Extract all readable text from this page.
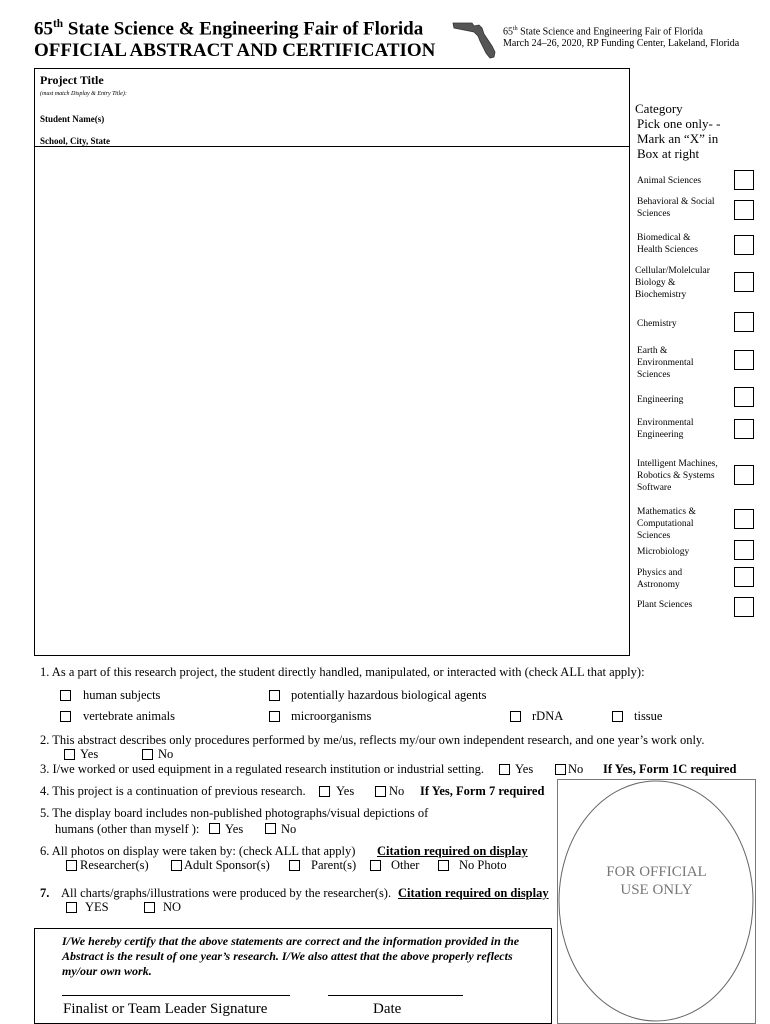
65th State Science & Engineering Fair of Florida
OFFICIAL ABSTRACT AND CERTIFICATION
65th State Science and Engineering Fair of Florida
March 24–26, 2020, RP Funding Center, Lakeland, Florida
Project Title
(must match Display & Entry Title):
Student Name(s)
School, City, State
Category
Pick one only- -
Mark an “X” in
Box at right
Animal Sciences
Behavioral & Social Sciences
Biomedical & Health Sciences
Cellular/Molelcular Biology & Biochemistry
Chemistry
Earth & Environmental Sciences
Engineering
Environmental Engineering
Intelligent Machines, Robotics & Systems Software
Mathematics & Computational Sciences
Microbiology
Physics and Astronomy
Plant Sciences
1. As a part of this research project, the student directly handled, manipulated, or interacted with (check ALL that apply):
human subjects	potentially hazardous biological agents
vertebrate animals	microorganisms	rDNA	tissue
2. This abstract describes only procedures performed by me/us, reflects my/our own independent research, and one year’s work only.
Yes	No
3. I/we worked or used equipment in a regulated research institution or industrial setting. Yes	No If Yes, Form 1C required
4. This project is a continuation of previous research. Yes	No If Yes, Form 7 required
5. The display board includes non-published photographs/visual depictions of
humans (other than myself ): Yes	No
6. All photos on display were taken by: (check ALL that apply) Citation required on display
Researcher(s)	Adult Sponsor(s)	Parent(s)	Other	No Photo
7. All charts/graphs/illustrations were produced by the researcher(s). Citation required on display
YES	NO
FOR OFFICIAL
USE ONLY
I/We hereby certify that the above statements are correct and the information provided in the Abstract is the result of one year’s research. I/We also attest that the above properly reflects my/our own work.
Finalist or Team Leader Signature	Date
